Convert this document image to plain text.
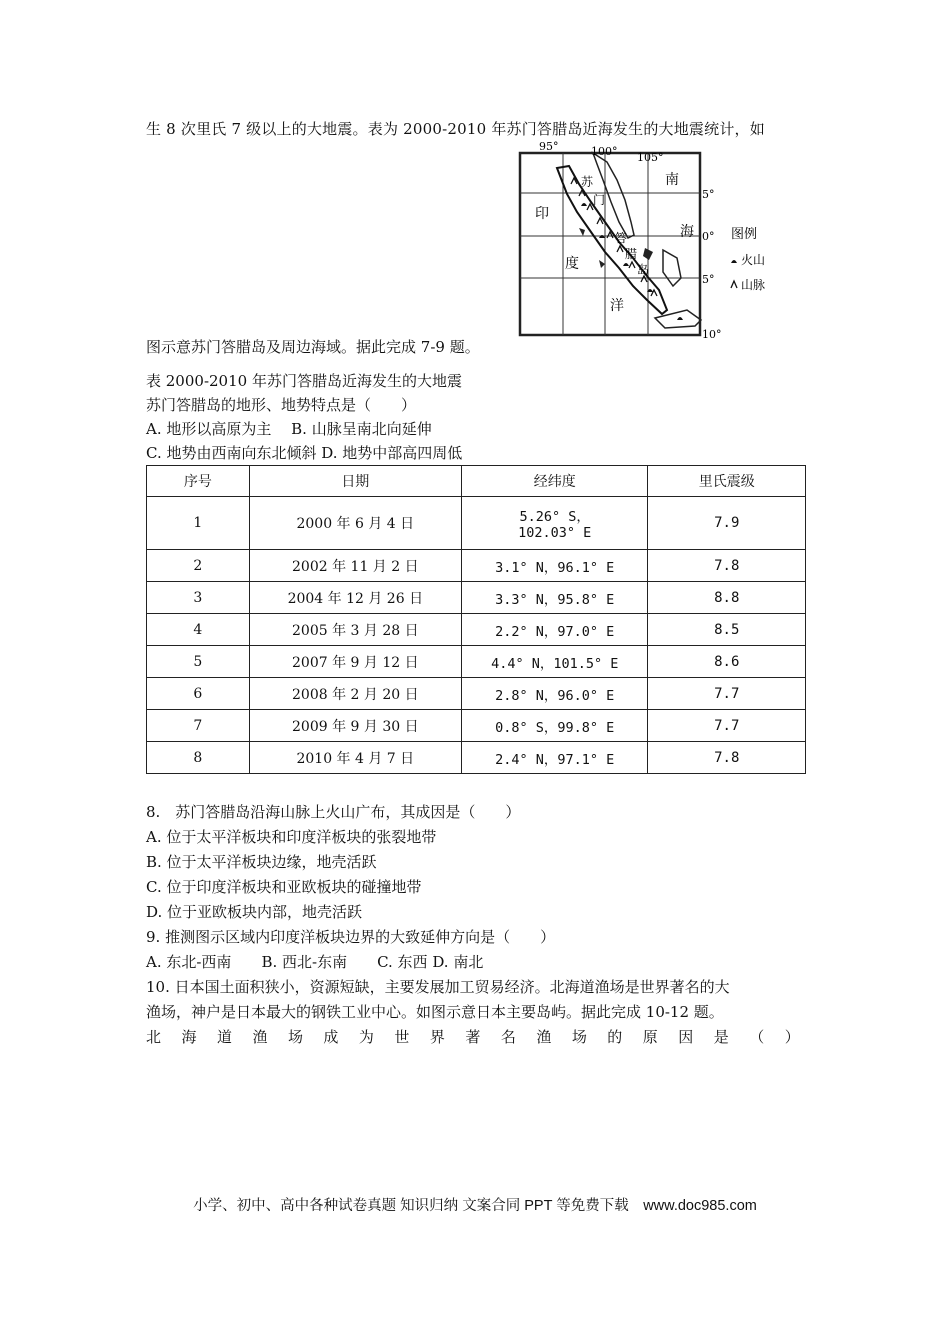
生 8 次里氏 7 级以上的大地震。表为 2000-2010 年苏门答腊岛近海发生的大地震统计，如
95°	100° 105°
5°
0°
5°
10°
印
度
洋
南
海
苏
门
答
腊
岛
图例
火山
山脉
图示意苏门答腊岛及周边海域。据此完成 7-9 题。
表 2000-2010 年苏门答腊岛近海发生的大地震
苏门答腊岛的地形、地势特点是（　　）
A. 地形以高原为主　 B. 山脉呈南北向延伸
C. 地势由西南向东北倾斜 D. 地势中部高四周低
序号	日期	经纬度	里氏震级
1	2000 年 6 月 4 日	5.26° S，
102.03° E	7.9
2	2002 年 11 月 2 日	3.1° N，96.1° E	7.8
3	2004 年 12 月 26 日	3.3° N，95.8° E	8.8
4	2005 年 3 月 28 日	2.2° N，97.0° E	8.5
5	2007 年 9 月 12 日	4.4° N，101.5° E	8.6
6	2008 年 2 月 20 日	2.8° N，96.0° E	7.7
7	2009 年 9 月 30 日	0.8° S，99.8° E	7.7
8	2010 年 4 月 7 日	2.4° N，97.1° E	7.8
8.　苏门答腊岛沿海山脉上火山广布，其成因是（　　）
A. 位于太平洋板块和印度洋板块的张裂地带
B. 位于太平洋板块边缘，地壳活跃
C. 位于印度洋板块和亚欧板块的碰撞地带
D. 位于亚欧板块内部，地壳活跃
9. 推测图示区域内印度洋板块边界的大致延伸方向是（　　）
A. 东北-西南　　B. 西北-东南　　C. 东西 D. 南北
10. 日本国土面积狭小，资源短缺，主要发展加工贸易经济。北海道渔场是世界著名的大
渔场，神户是日本最大的钢铁工业中心。如图示意日本主要岛屿。据此完成 10-12 题。
北 海 道 渔 场 成 为 世 界 著 名 渔 场 的 原 因 是 （ ）
小学、初中、高中各种试卷真题 知识归纳 文案合同 PPT 等免费下载　www.doc985.com
